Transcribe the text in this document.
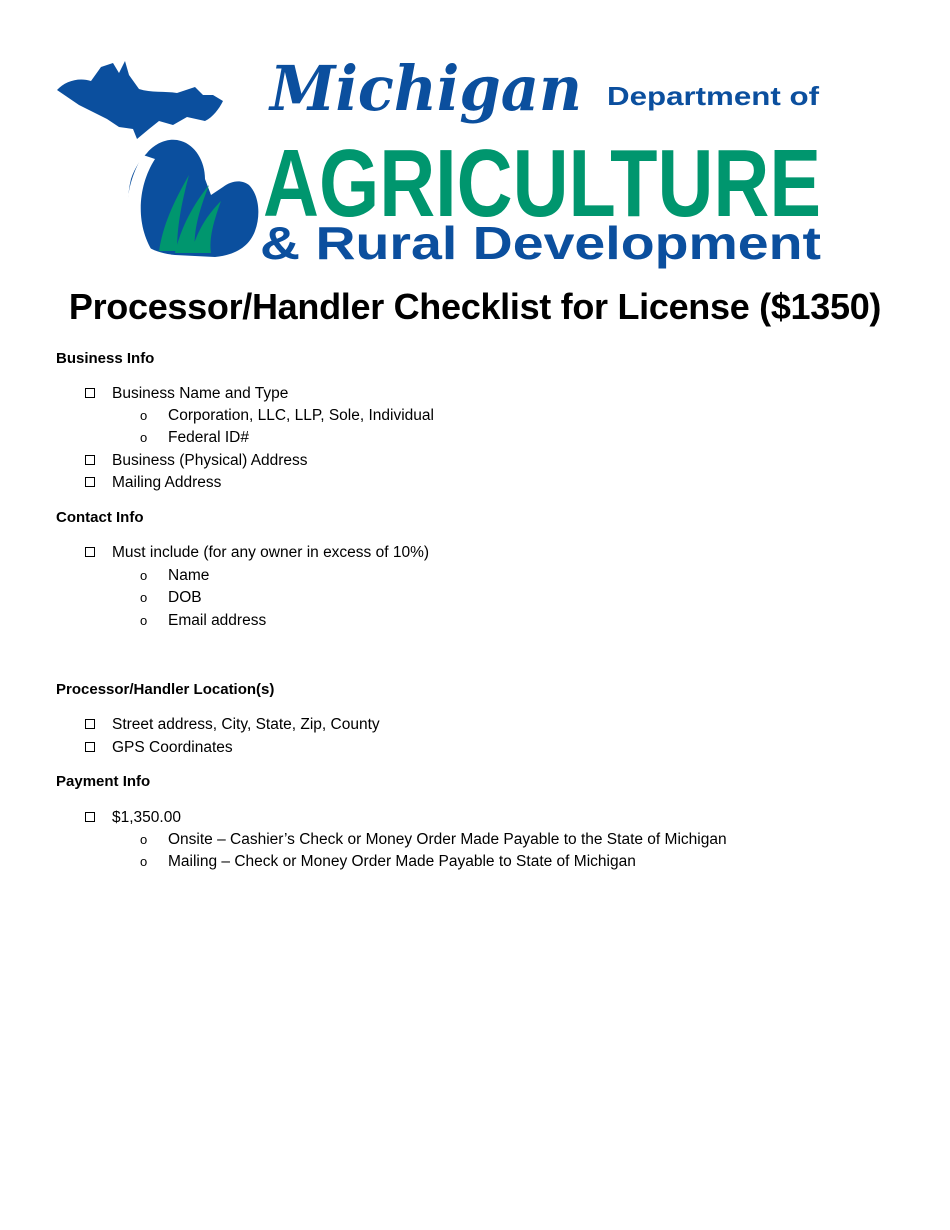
Michigan Department of
AGRICULTURE
& Rural Development
Processor/Handler Checklist for License ($1350)
Business Info
Business Name and Type
o Corporation, LLC, LLP, Sole, Individual
o Federal ID#
Business (Physical) Address
Mailing Address
Contact Info
Must include (for any owner in excess of 10%)
o Name
o DOB
o Email address
Processor/Handler Location(s)
Street address, City, State, Zip, County
GPS Coordinates
Payment Info
$1,350.00
o Onsite – Cashier’s Check or Money Order Made Payable to the State of Michigan
o Mailing – Check or Money Order Made Payable to State of Michigan
